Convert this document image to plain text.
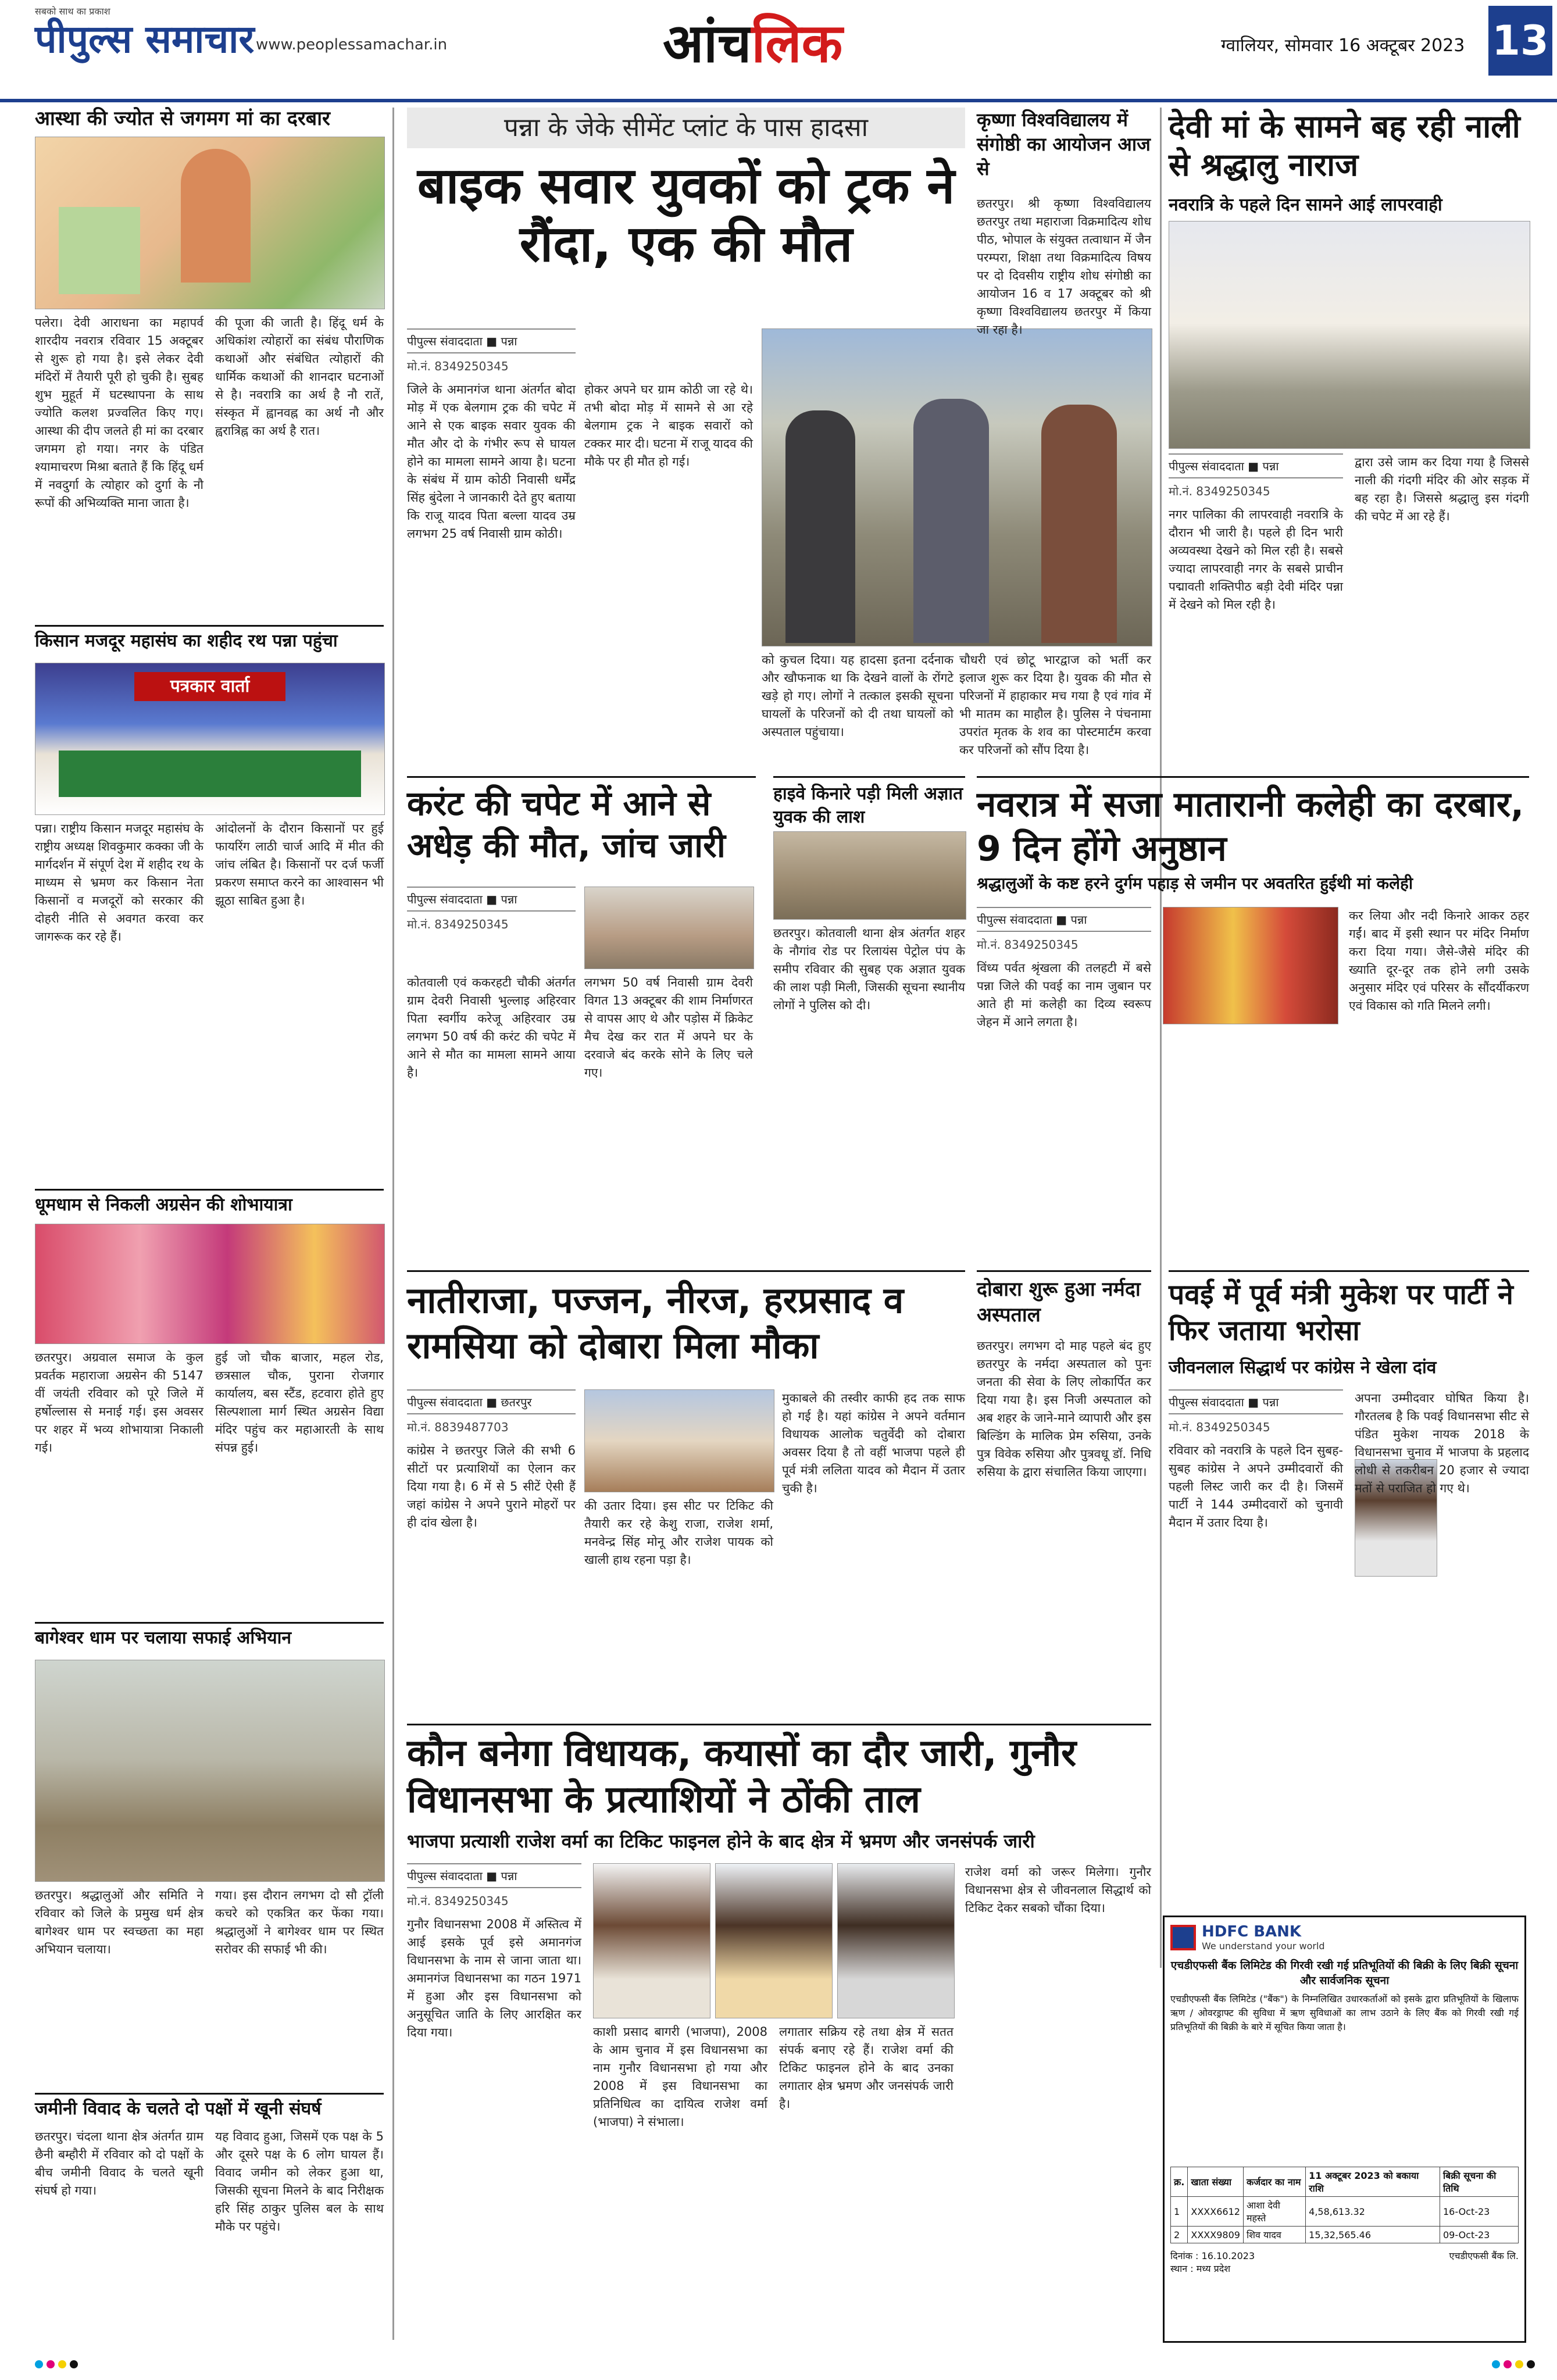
सबको साथ का प्रकाश
पीपुल्स समाचार www.peoplessamachar.in	आंचलिक	ग्वालियर, सोमवार 16 अक्टूबर 2023 13
आस्था की ज्योत से जगमग मां का दरबार
पलेरा। देवी आराधना का महापर्व शारदीय नवरात्र रविवार 15 अक्टूबर से शुरू हो गया है। इसे लेकर देवी मंदिरों में तैयारी पूरी हो चुकी है। सुबह शुभ मुहूर्त में घटस्थापना के साथ ज्योति कलश प्रज्वलित किए गए। आस्था की दीप जलते ही मां का दरबार जगमग हो गया। नगर के पंडित श्यामाचरण मिश्रा बताते हैं कि हिंदू धर्म में नवदुर्गा के त्योहार को दुर्गा के नौ रूपों की अभिव्यक्ति माना जाता है।
की पूजा की जाती है। हिंदू धर्म के अधिकांश त्योहारों का संबंध पौराणिक कथाओं और संबंधित त्योहारों की धार्मिक कथाओं की शानदार घटनाओं से है। नवरात्रि का अर्थ है नौ रातें, संस्कृत में ह्वानवह्न का अर्थ नौ और ह्वरात्रिह्न का अर्थ है रात।
किसान मजदूर महासंघ का शहीद रथ पन्ना पहुंचा
पत्रकार वार्ता
पन्ना। राष्ट्रीय किसान मजदूर महासंघ के राष्ट्रीय अध्यक्ष शिवकुमार कक्का जी के मार्गदर्शन में संपूर्ण देश में शहीद रथ के माध्यम से भ्रमण कर किसान नेता किसानों व मजदूरों को सरकार की दोहरी नीति से अवगत करवा कर जागरूक कर रहे हैं।
आंदोलनों के दौरान किसानों पर हुई फायरिंग लाठी चार्ज आदि में मीत की जांच लंबित है। किसानों पर दर्ज फर्जी प्रकरण समाप्त करने का आश्वासन भी झूठा साबित हुआ है।
धूमधाम से निकली अग्रसेन की शोभायात्रा
छतरपुर। अग्रवाल समाज के कुल प्रवर्तक महाराजा अग्रसेन की 5147 वीं जयंती रविवार को पूरे जिले में हर्षोल्लास से मनाई गई। इस अवसर पर शहर में भव्य शोभायात्रा निकाली गई।
हुई जो चौक बाजार, महल रोड, छत्रसाल चौक, पुराना रोजगार कार्यालय, बस स्टैंड, हटवारा होते हुए सिल्पशाला मार्ग स्थित अग्रसेन विद्या मंदिर पहुंच कर महाआरती के साथ संपन्न हुई।
बागेश्वर धाम पर चलाया सफाई अभियान
छतरपुर। श्रद्धालुओं और समिति ने रविवार को जिले के प्रमुख धर्म क्षेत्र बागेश्वर धाम पर स्वच्छता का महा अभियान चलाया।
गया। इस दौरान लगभग दो सौ ट्रॉली कचरे को एकत्रित कर फेंका गया। श्रद्धालुओं ने बागेश्वर धाम पर स्थित सरोवर की सफाई भी की।
जमीनी विवाद के चलते दो पक्षों में खूनी संघर्ष
छतरपुर। चंदला थाना क्षेत्र अंतर्गत ग्राम छैनी बम्हौरी में रविवार को दो पक्षों के बीच जमीनी विवाद के चलते खूनी संघर्ष हो गया।
यह विवाद हुआ, जिसमें एक पक्ष के 5 और दूसरे पक्ष के 6 लोग घायल हैं। विवाद जमीन को लेकर हुआ था, जिसकी सूचना मिलने के बाद निरीक्षक हरि सिंह ठाकुर पुलिस बल के साथ मौके पर पहुंचे।
पन्ना के जेके सीमेंट प्लांट के पास हादसा
बाइक सवार युवकों को ट्रक ने रौंदा, एक की मौत
पीपुल्स संवाददाता ■ पन्ना
मो.नं. 8349250345
जिले के अमानगंज थाना अंतर्गत बोदा मोड़ में एक बेलगाम ट्रक की चपेट में आने से एक बाइक सवार युवक की मौत और दो के गंभीर रूप से घायल होने का मामला सामने आया है। घटना के संबंध में ग्राम कोठी निवासी धर्मेंद्र सिंह बुंदेला ने जानकारी देते हुए बताया कि राजू यादव पिता बल्ला यादव उम्र लगभग 25 वर्ष निवासी ग्राम कोठी।
होकर अपने घर ग्राम कोठी जा रहे थे। तभी बोदा मोड़ में सामने से आ रहे बेलगाम ट्रक ने बाइक सवारों को टक्कर मार दी। घटना में राजू यादव की मौके पर ही मौत हो गई।
को कुचल दिया। यह हादसा इतना दर्दनाक और खौफनाक था कि देखने वालों के रोंगटे खड़े हो गए। लोगों ने तत्काल इसकी सूचना घायलों के परिजनों को दी तथा घायलों को अस्पताल पहुंचाया।
चौधरी एवं छोटू भारद्वाज को भर्ती कर इलाज शुरू कर दिया है। युवक की मौत से परिजनों में हाहाकार मच गया है एवं गांव में भी मातम का माहौल है। पुलिस ने पंचनामा उपरांत मृतक के शव का पोस्टमार्टम करवा कर परिजनों को सौंप दिया है।
करंट की चपेट में आने से अधेड़ की मौत, जांच जारी
पीपुल्स संवाददाता ■ पन्ना
मो.नं. 8349250345
कोतवाली एवं ककरहटी चौकी अंतर्गत ग्राम देवरी निवासी भुल्लाइ अहिरवार पिता स्वर्गीय करेजू अहिरवार उम्र लगभग 50 वर्ष की करंट की चपेट में आने से मौत का मामला सामने आया है।
लगभग 50 वर्ष निवासी ग्राम देवरी विगत 13 अक्टूबर की शाम निर्माणरत से वापस आए थे और पड़ोस में क्रिकेट मैच देख कर रात में अपने घर के दरवाजे बंद करके सोने के लिए चले गए।
नातीराजा, पज्जन, नीरज, हरप्रसाद व रामसिया को दोबारा मिला मौका
पीपुल्स संवाददाता ■ छतरपुर
मो.नं. 8839487703
कांग्रेस ने छतरपुर जिले की सभी 6 सीटों पर प्रत्याशियों का ऐलान कर दिया गया है। 6 में से 5 सीटें ऐसी हैं जहां कांग्रेस ने अपने पुराने मोहरों पर ही दांव खेला है।
की उतार दिया। इस सीट पर टिकिट की तैयारी कर रहे केशु राजा, राजेश शर्मा, मनवेन्द्र सिंह मोनू और राजेश पायक को खाली हाथ रहना पड़ा है।
मुकाबले की तस्वीर काफी हद तक साफ हो गई है। यहां कांग्रेस ने अपने वर्तमान विधायक आलोक चतुर्वेदी को दोबारा अवसर दिया है तो वहीं भाजपा पहले ही पूर्व मंत्री ललिता यादव को मैदान में उतार चुकी है।
कृष्णा विश्वविद्यालय में संगोष्ठी का आयोजन आज से
छतरपुर। श्री कृष्णा विश्वविद्यालय छतरपुर तथा महाराजा विक्रमादित्य शोध पीठ, भोपाल के संयुक्त तत्वाधान में जैन परम्परा, शिक्षा तथा विक्रमादित्य विषय पर दो दिवसीय राष्ट्रीय शोध संगोष्ठी का आयोजन 16 व 17 अक्टूबर को श्री कृष्णा विश्वविद्यालय छतरपुर में किया जा रहा है।
हाइवे किनारे पड़ी मिली अज्ञात युवक की लाश
छतरपुर। कोतवाली थाना क्षेत्र अंतर्गत शहर के नौगांव रोड पर रिलायंस पेट्रोल पंप के समीप रविवार की सुबह एक अज्ञात युवक की लाश पड़ी मिली, जिसकी सूचना स्थानीय लोगों ने पुलिस को दी।
दोबारा शुरू हुआ नर्मदा अस्पताल
छतरपुर। लगभग दो माह पहले बंद हुए छतरपुर के नर्मदा अस्पताल को पुनः जनता की सेवा के लिए लोकार्पित कर दिया गया है। इस निजी अस्पताल को अब शहर के जाने-माने व्यापारी और इस बिल्डिंग के मालिक प्रेम रुसिया, उनके पुत्र विवेक रुसिया और पुत्रवधू डॉ. निधि रुसिया के द्वारा संचालित किया जाएगा।
देवी मां के सामने बह रही नाली से श्रद्धालु नाराज
नवरात्रि के पहले दिन सामने आई लापरवाही
पीपुल्स संवाददाता ■ पन्ना
मो.नं. 8349250345
नगर पालिका की लापरवाही नवरात्रि के दौरान भी जारी है। पहले ही दिन भारी अव्यवस्था देखने को मिल रही है। सबसे ज्यादा लापरवाही नगर के सबसे प्राचीन पद्मावती शक्तिपीठ बड़ी देवी मंदिर पन्ना में देखने को मिल रही है।
द्वारा उसे जाम कर दिया गया है जिससे नाली की गंदगी मंदिर की ओर सड़क में बह रहा है। जिससे श्रद्धालु इस गंदगी की चपेट में आ रहे हैं।
नवरात्र में सजा मातारानी कलेही का दरबार, 9 दिन होंगे अनुष्ठान
श्रद्धालुओं के कष्ट हरने दुर्गम पहाड़ से जमीन पर अवतरित हुईथी मां कलेही
पीपुल्स संवाददाता ■ पन्ना
मो.नं. 8349250345
विंध्य पर्वत श्रृंखला की तलहटी में बसे पन्ना जिले की पवई का नाम जुबान पर आते ही मां कलेही का दिव्य स्वरूप जेहन में आने लगता है।
कर लिया और नदी किनारे आकर ठहर गईं। बाद में इसी स्थान पर मंदिर निर्माण करा दिया गया। जैसे-जैसे मंदिर की ख्याति दूर-दूर तक होने लगी उसके अनुसार मंदिर एवं परिसर के सौंदर्यीकरण एवं विकास को गति मिलने लगी।
पवई में पूर्व मंत्री मुकेश पर पार्टी ने फिर जताया भरोसा
जीवनलाल सिद्धार्थ पर कांग्रेस ने खेला दांव
पीपुल्स संवाददाता ■ पन्ना
मो.नं. 8349250345
रविवार को नवरात्रि के पहले दिन सुबह-सुबह कांग्रेस ने अपने उम्मीदवारों की पहली लिस्ट जारी कर दी है। जिसमें पार्टी ने 144 उम्मीदवारों को चुनावी मैदान में उतार दिया है।
अपना उम्मीदवार घोषित किया है। गौरतलब है कि पवई विधानसभा सीट से पंडित मुकेश नायक 2018 के विधानसभा चुनाव में भाजपा के प्रहलाद लोधी से तकरीबन 20 हजार से ज्यादा मतों से पराजित हो गए थे।
कौन बनेगा विधायक, कयासों का दौर जारी, गुनौर विधानसभा के प्रत्याशियों ने ठोंकी ताल
भाजपा प्रत्याशी राजेश वर्मा का टिकिट फाइनल होने के बाद क्षेत्र में भ्रमण और जनसंपर्क जारी
पीपुल्स संवाददाता ■ पन्ना
मो.नं. 8349250345
गुनौर विधानसभा 2008 में अस्तित्व में आई इसके पूर्व इसे अमानगंज विधानसभा के नाम से जाना जाता था। अमानगंज विधानसभा का गठन 1971 में हुआ और इस विधानसभा को अनुसूचित जाति के लिए आरक्षित कर दिया गया।	काशी प्रसाद बागरी (भाजपा), 2008 के आम चुनाव में इस विधानसभा का नाम गुनौर विधानसभा हो गया और 2008 में इस विधानसभा का प्रतिनिधित्व का दायित्व राजेश वर्मा (भाजपा) ने संभाला।
लगातार सक्रिय रहे तथा क्षेत्र में सतत संपर्क बनाए रहे हैं। राजेश वर्मा की टिकिट फाइनल होने के बाद उनका लगातार क्षेत्र भ्रमण और जनसंपर्क जारी है।
राजेश वर्मा को जरूर मिलेगा। गुनौर विधानसभा क्षेत्र से जीवनलाल सिद्धार्थ को टिकिट देकर सबको चौंका दिया।
HDFC BANK
We understand your world
एचडीएफसी बैंक लिमिटेड की गिरवी रखी गई प्रतिभूतियों की बिक्री के लिए बिक्री सूचना और सार्वजनिक सूचना
एचडीएफसी बैंक लिमिटेड ("बैंक") के निम्नलिखित उधारकर्ताओं को इसके द्वारा प्रतिभूतियों के खिलाफ ऋण / ओवरड्राफ्ट की सुविधा में ऋण सुविधाओं का लाभ उठाने के लिए बैंक को गिरवी रखी गई प्रतिभूतियों की बिक्री के बारे में सूचित किया जाता है।
क्र.	खाता संख्या	कर्जदार का नाम	11 अक्टूबर 2023 को बकाया राशि	बिक्री सूचना की तिथि
1	XXXX6612	आशा देवी महस्ते	4,58,613.32	16-Oct-23
2	XXXX9809	शिव यादव	15,32,565.46	09-Oct-23
दिनांक : 16.10.2023
स्थान : मध्य प्रदेश
एचडीएफसी बैंक लि.
